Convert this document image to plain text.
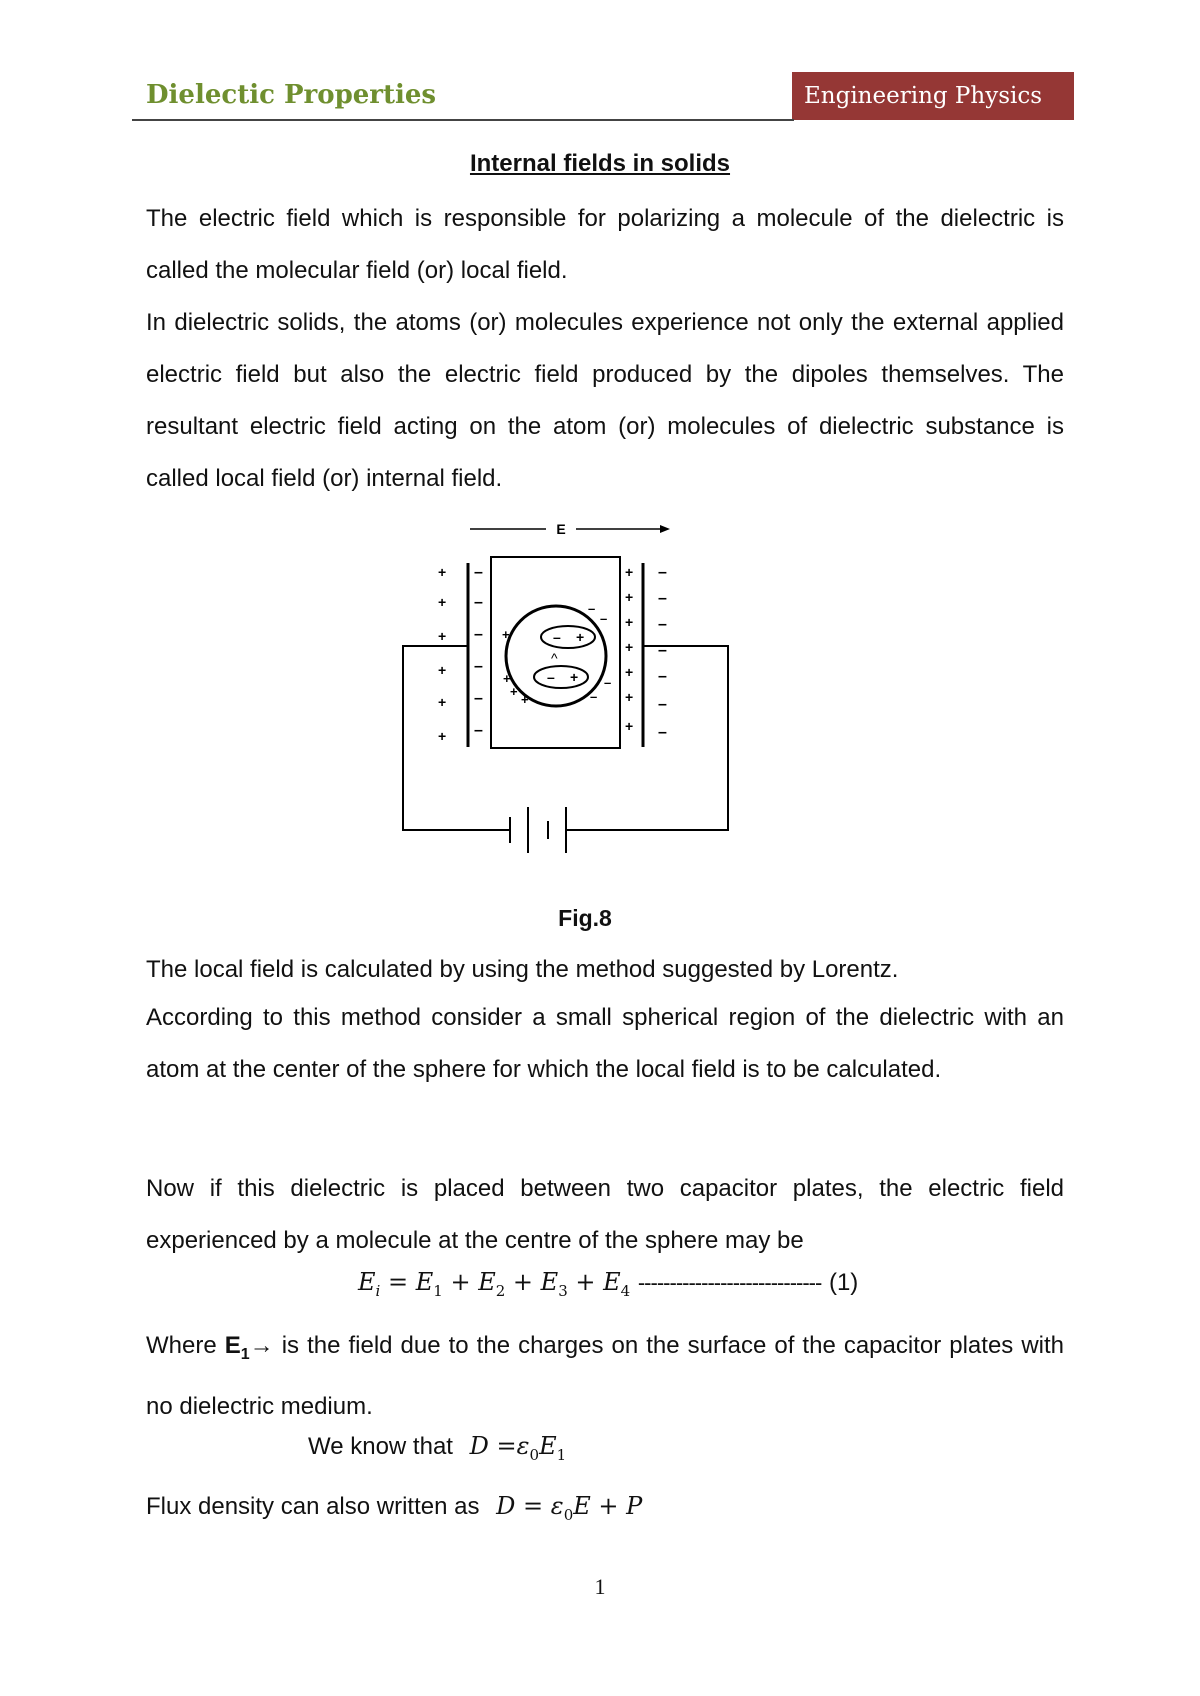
Dielectic Properties	Engineering Physics
Internal fields in solids
The electric field which is responsible for polarizing a molecule of the dielectric is called the molecular field (or) local field.
In dielectric solids, the atoms (or) molecules experience not only the external applied electric field but also the electric field produced by the dipoles themselves. The resultant electric field acting on the atom (or) molecules of dielectric substance is called local field (or) internal field.
E
– +
– +
^
+
+
+
+
–
–
–
–
–
–
–
–
–
–
+
+
+
+
+
+
+
+
+
+
+
+
+
–
–
–
–
–
–
–
Fig.8
The local field is calculated by using the method suggested by Lorentz.
According to this method consider a small spherical region of the dielectric with an atom at the center of the sphere for which the local field is to be calculated.
Now if this dielectric is placed between two capacitor plates, the electric field experienced by a molecule at the centre of the sphere may be
$E_i = E_1 + E_2 + E_3 + E_4$ ----------------------------- (1)
Where $E_1\to$ is the field due to the charges on the surface of the capacitor plates with no dielectric medium.
We know that $D =\varepsilon_0E_1$
Flux density can also written as $D = \varepsilon_0E + P$
1
